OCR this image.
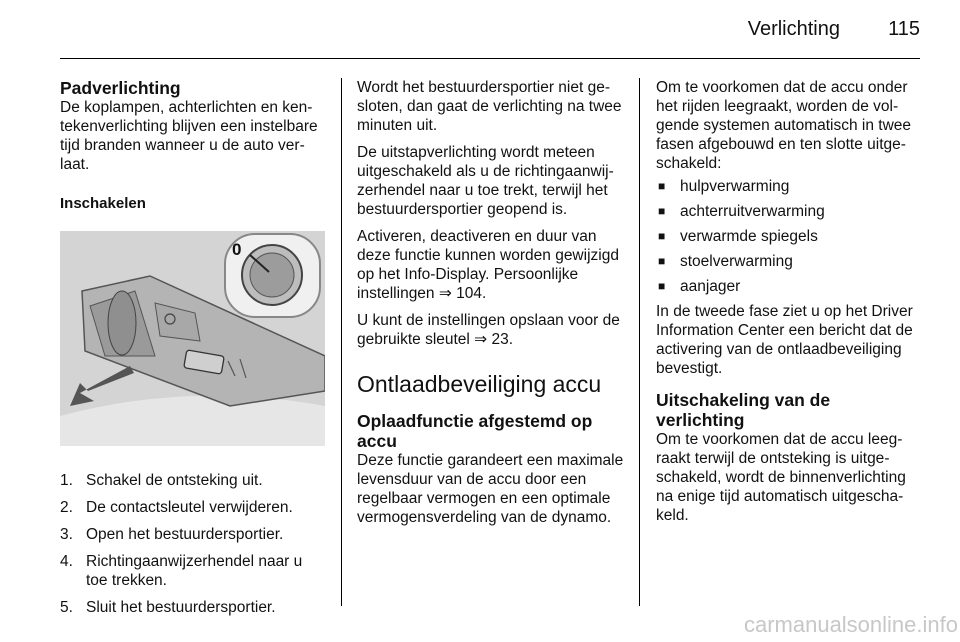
Verlichting	115
Padverlichting

De koplampen, achterlichten en kentekenverlichting blijven een instelbare tijd branden wanneer u de auto verlaat.

Inschakelen
0
1. Schakel de ontsteking uit.
2. De contactsleutel verwijderen.
3. Open het bestuurdersportier.
4. Richtingaanwijzerhendel naar u toe trekken.
5. Sluit het bestuurdersportier.

Wordt het bestuurdersportier niet gesloten, dan gaat de verlichting na twee minuten uit.

De uitstapverlichting wordt meteen uitgeschakeld als u de richtingaanwijzerhendel naar u toe trekt, terwijl het bestuurdersportier geopend is.

Activeren, deactiveren en duur van deze functie kunnen worden gewijzigd op het Info-Display. Persoonlijke instellingen ⇒ 104.

U kunt de instellingen opslaan voor de gebruikte sleutel ⇒ 23.

Ontlaadbeveiliging accu
Oplaadfunctie afgestemd op accu

Deze functie garandeert een maximale levensduur van de accu door een regelbaar vermogen en een optimale vermogensverdeling van de dynamo.

Om te voorkomen dat de accu onder het rijden leegraakt, worden de volgende systemen automatisch in twee fasen afgebouwd en ten slotte uitgeschakeld:

■ hulpverwarming
■ achterruitverwarming
■ verwarmde spiegels
■ stoelverwarming
■ aanjager

In de tweede fase ziet u op het Driver Information Center een bericht dat de activering van de ontlaadbeveiliging bevestigt.

Uitschakeling van de verlichting

Om te voorkomen dat de accu leegraakt terwijl de ontsteking is uitgeschakeld, wordt de binnenverlichting na enige tijd automatisch uitgeschakeld.

carmanualsonline.info
